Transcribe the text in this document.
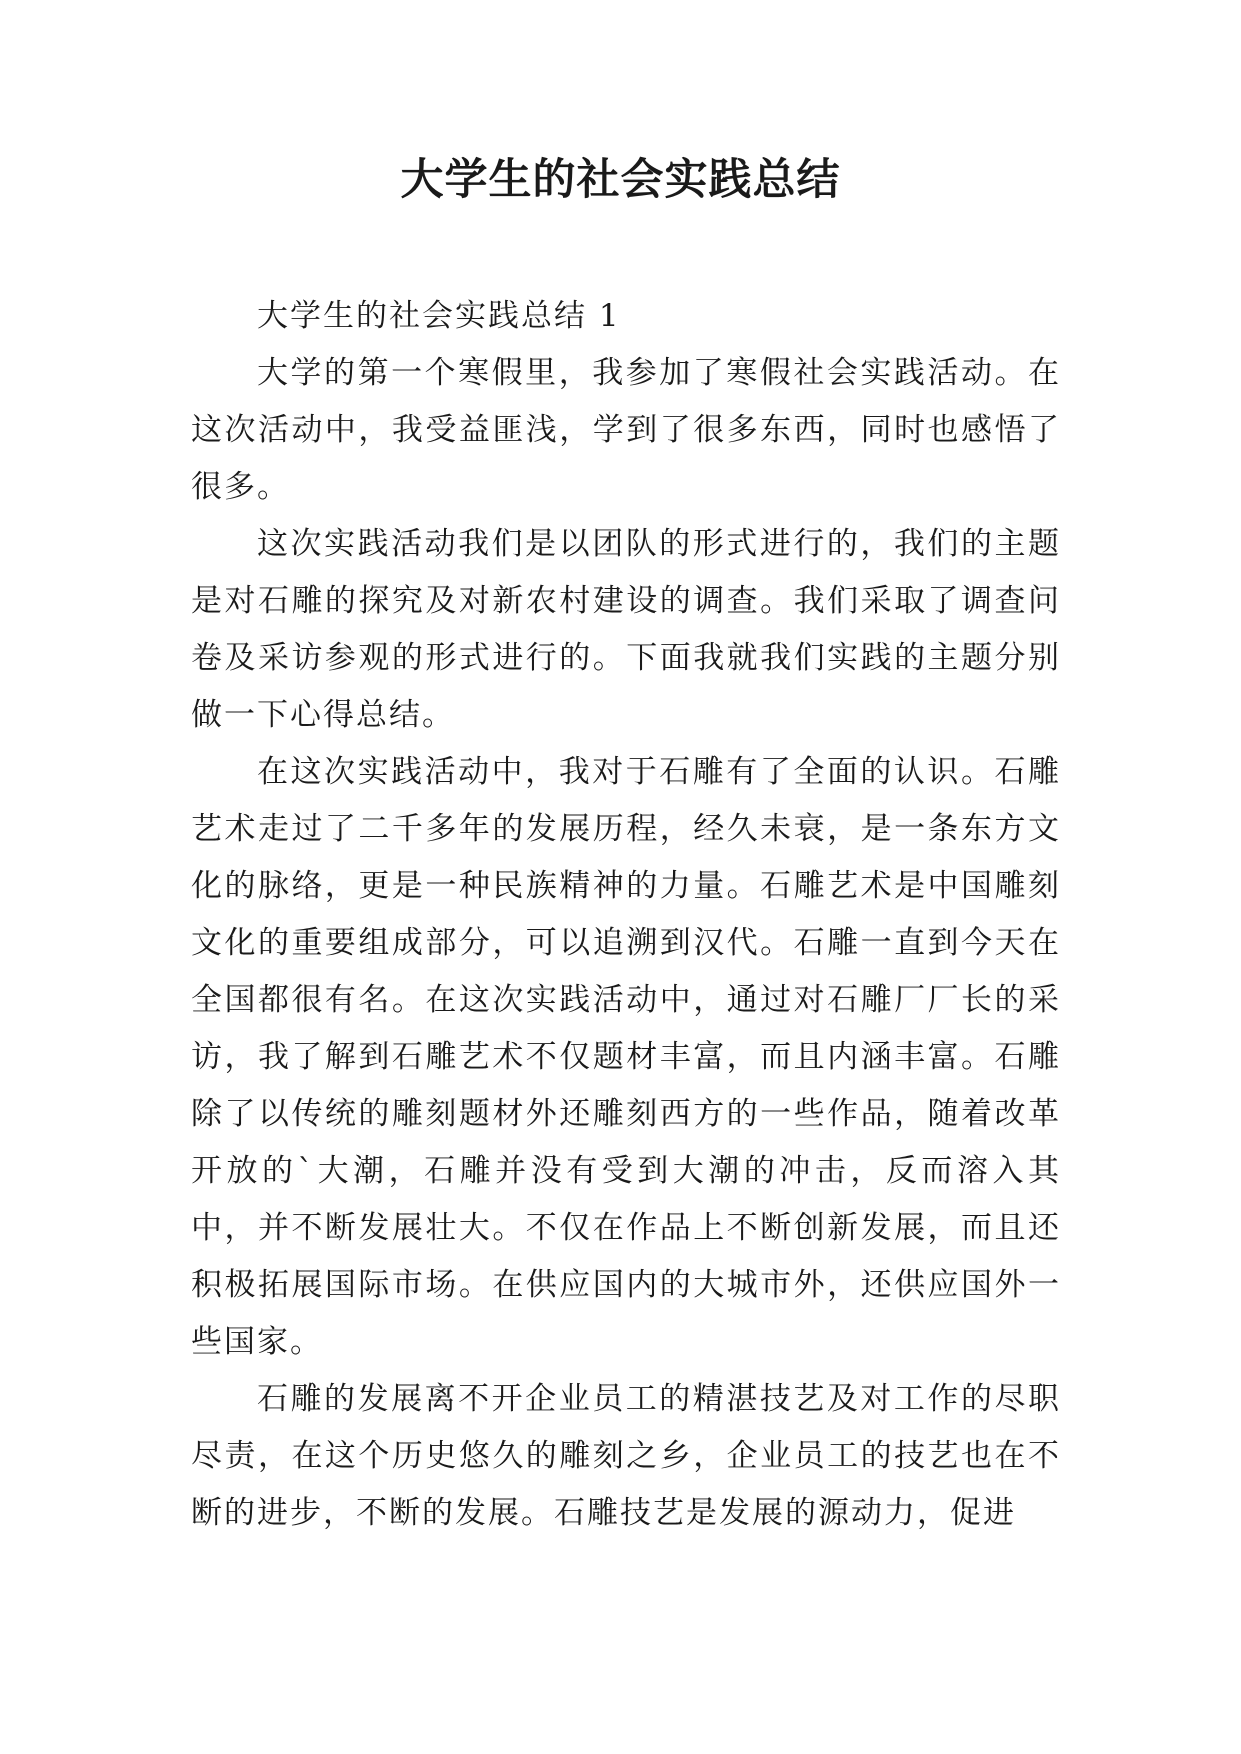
大学生的社会实践总结

大学生的社会实践总结 1

大学的第一个寒假里，我参加了寒假社会实践活动。在这次活动中，我受益匪浅，学到了很多东西，同时也感悟了很多。

这次实践活动我们是以团队的形式进行的，我们的主题是对石雕的探究及对新农村建设的调查。我们采取了调查问卷及采访参观的形式进行的。下面我就我们实践的主题分别做一下心得总结。

在这次实践活动中，我对于石雕有了全面的认识。石雕艺术走过了二千多年的发展历程，经久未衰，是一条东方文化的脉络，更是一种民族精神的力量。石雕艺术是中国雕刻文化的重要组成部分，可以追溯到汉代。石雕一直到今天在全国都很有名。在这次实践活动中，通过对石雕厂厂长的采访，我了解到石雕艺术不仅题材丰富，而且内涵丰富。石雕除了以传统的雕刻题材外还雕刻西方的一些作品，随着改革开放的`大潮，石雕并没有受到大潮的冲击，反而溶入其中，并不断发展壮大。不仅在作品上不断创新发展，而且还积极拓展国际市场。在供应国内的大城市外，还供应国外一些国家。

石雕的发展离不开企业员工的精湛技艺及对工作的尽职尽责，在这个历史悠久的雕刻之乡，企业员工的技艺也在不断的进步，不断的发展。石雕技艺是发展的源动力，促进
